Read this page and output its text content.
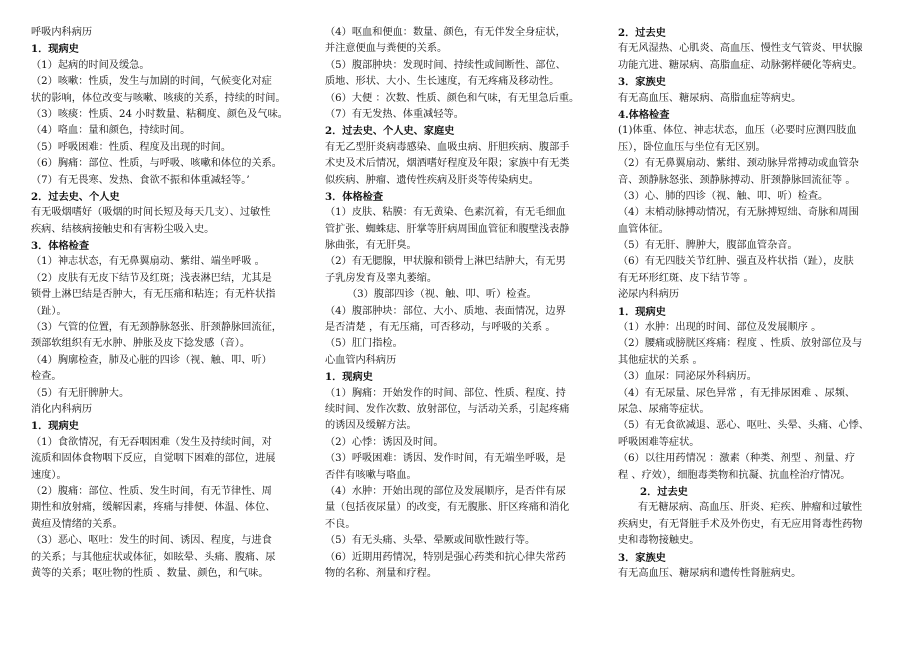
呼吸内科病历
1．现病史
（1）起病的时间及缓急。
（2）咳嗽：性质，发生与加剧的时间，气候变化对症
状的影响，体位改变与咳嗽、咳痰的关系，持续的时间。
（3）咳痰：性质、24 小时数量、粘稠度、颜色及气味。
（4）咯血：量和颜色，持续时间。
（5）呼吸困难：性质、程度及出现的时间。
（6）胸痛：部位、性质，与呼吸、咳嗽和体位的关系。
（7）有无畏寒、发热、食欲不振和体重减轻等。’
2．过去史、个人史
有无吸烟嗜好（吸烟的时间长短及每天几支）、过敏性
疾病、结核病接触史和有害粉尘吸入史。
3．体格检查
（1）神志状态，有无鼻翼扇动、紫绀、端坐呼吸 。
（2）皮肤有无皮下结节及红斑；浅表淋巴结，尤其是
锁骨上淋巴结是否肿大，有无压痛和粘连；有无杵状指
（趾）。
（3）气管的位置，有无颈静脉怒张、肝颈静脉回流征，
颈部软组织有无水肿、肿胀及皮下捻发感（音）。
（4）胸廓检查，肺及心脏的四诊（视、触、叩、听）
检查。
（5）有无肝脾肿大。
消化内科病历
1．现病史
（1）食欲情况，有无吞咽困难（发生及持续时间，对
流质和固体食物咽下反应，自觉咽下困难的部位，进展
速度）。
（2）腹痛：部位、性质、发生时间，有无节律性、周
期性和放射痛，缓解因素，疼痛与排便、体温、体位、
黄疸及情绪的关系。
（3）恶心、呕吐：发生的时间、诱因、程度，与进食
的关系；与其他症状或体征，如眩晕、头痛、腹痛、尿
黄等的关系；呕吐物的性质 、数量、颜色，和气味。
（4）呕血和便血：数量、颜色，有无伴发全身症状，
并注意便血与粪便的关系。
（5）腹部肿块：发现时间、持续性或间断性、部位、
质地、形状、大小、生长速度，有无疼痛及移动性。
（6）大便 ：次数、性质、颜色和气味，有无里急后重。
（7）有无发热、体重减轻等。
2．过去史、个人史、家庭史
有无乙型肝炎病毒感染、血吸虫病、肝胆疾病、腹部手
术史及术后情况，烟酒嗜好程度及年限；家族中有无类
似疾病、肿瘤、遗传性疾病及肝炎等传染病史。
3．体格检查
（1）皮肤、粘膜：有无黄染、色素沉着，有无毛细血
管扩张、蜘蛛痣、肝掌等肝病周围血管征和腹壁浅表静
脉曲张，有无肝臭。
（2）有无腮腺，甲状腺和锁骨上淋巴结肿大，有无男
子乳房发育及睾丸萎缩。
（3）腹部四诊（视、触、叩、听）检查。
（4）腹部肿块：部位、大小、质地、表面情况，边界
是否清楚 ，有无压痛，可否移动，与呼吸的关系 。
（5）肛门指检。
心血管内科病历
1．现病史
（1）胸痛：开始发作的时间、部位、性质、程度、持
续时间、发作次数、放射部位，与活动关系，引起疼痛
的诱因及缓解方法。
（2）心悸：诱因及时间。
（3）呼吸困难：诱因、发作时间，有无端坐呼吸，是
否伴有咳嗽与咯血。
（4）水肿：开始出现的部位及发展顺序，是否伴有尿
量（包括夜尿量）的改变，有无腹胀、肝区疼痛和消化
不良。
（5）有无头痛、头晕、晕厥或间歇性跛行等。
（6）近期用药情况，特别是强心药类和抗心律失常药
物的名称、剂量和疗程。
2．过去史
有无风湿热、心肌炎、高血压、慢性支气管炎、甲状腺
功能亢进、糖尿病、高脂血症、动脉粥样硬化等病史。
3．家族史
有无高血压、糖尿病、高脂血症等病史。
4.体格检查
(1)体重、体位、神志状态，血压（必要时应测四肢血
压），卧位血压与坐位有无区别。
（2）有无鼻翼扇动、紫绀、颈动脉异常搏动或血管杂
音、颈静脉怒张、颈静脉搏动、肝颈静脉回流征等 。
（3）心、肺的四诊（视、触、叩、听）检查。
（4）末梢动脉搏动情况，有无脉搏短绌、奇脉和周围
血管体征。
（5）有无肝、脾肿大，腹部血管杂音。
（6）有无四肢关节红肿、强直及杵状指（趾），皮肤
有无环形红斑、皮下结节等 。
泌尿内科病历
1．现病史
（1）水肿：出现的时间、部位及发展顺序 。
（2）腰痛或膀胱区疼痛：程度 、性质、放射部位及与
其他症状的关系 。
（3）血尿：同泌尿外科病历。
（4）有无尿量、尿色异常 ，有无排尿困难 、尿频、
尿急、尿痛等症状。
（5）有无食欲减退、恶心、呕吐、头晕、头痛、心悸、
呼吸困难等症状。
（6）以往用药情况 ：激素（种类、剂型 、剂量、疗
程 、疗效），细胞毒类物和抗凝、抗血栓治疗情况。
2．过去史
有无糖尿病、高血压、肝炎、疟疾、肿瘤和过敏性
疾病史，有无肾脏手术及外伤史，有无应用肾毒性药物
史和毒物接触史。
3．家族史
有无高血压、糖尿病和遗传性肾脏病史。
